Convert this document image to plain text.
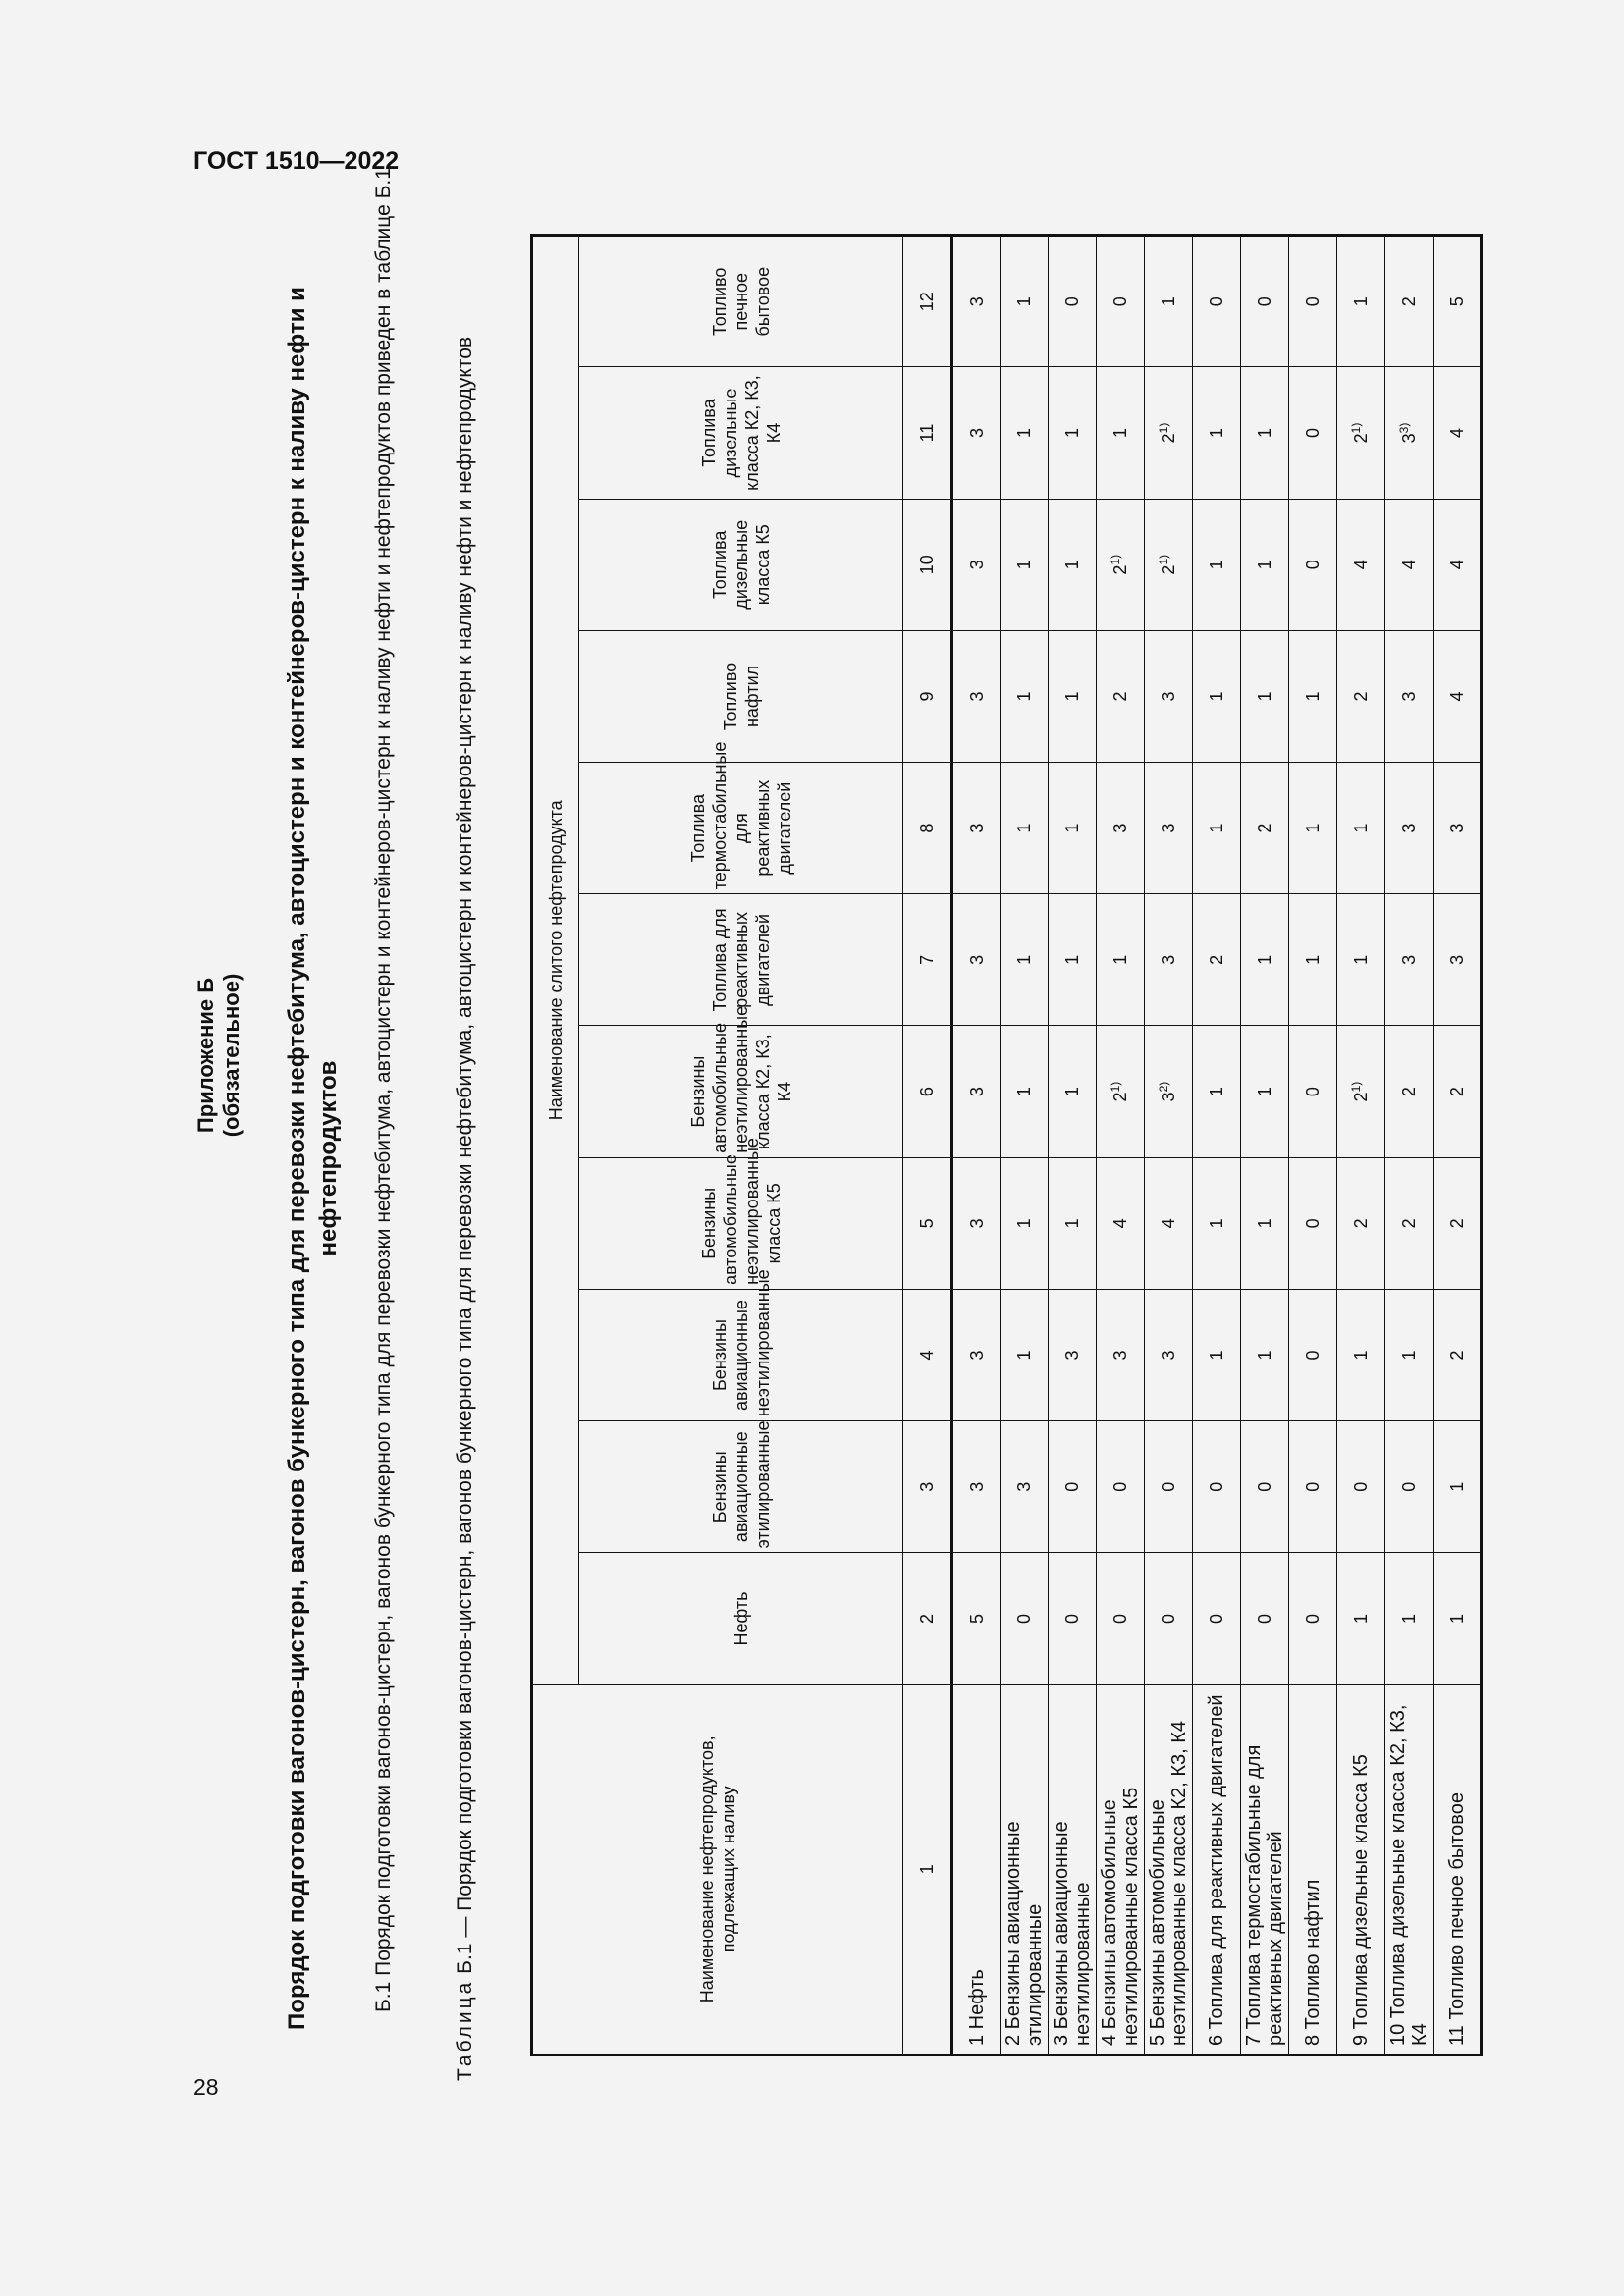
ГОСТ 1510—2022
28
Приложение Б (обязательное) Порядок подготовки вагонов-цистерн, вагонов бункерного типа для перевозки нефтебитума, автоцистерн и контейнеров-цистерн к наливу нефти и нефтепродуктов Б.1 Порядок подготовки вагонов-цистерн, вагонов бункерного типа для перевозки нефтебитума, автоцистерн и контейнеров-цистерн к наливу нефти и нефтепродуктов приведен в таблице Б.1.
Таблица Б.1 — Порядок подготовки вагонов-цистерн, вагонов бункерного типа для перевозки нефтебитума, автоцистерн и контейнеров-цистерн к наливу нефти и нефтепродуктов	Наименование нефтепродуктов, подлежащих наливу	Наименование слитого нефтепродукта										
	Нефть	Бензины авиационные этилированные	Бензины авиационные неэтилированные	Бензины автомобильные неэтилированные класса К5	Бензины автомобильные неэтилированные класса К2, К3, К4	Топлива для реактивных двигателей	Топлива термостабильные для реактивных двигателей	Топливо нафтил	Топлива дизельные класса К5	Топлива дизельные класса К2, К3, К4	Топливо печное бытовое
1	2	3	4	5	6	7	8	9	10	11	12
1 Нефть	5	3	3	3	3	3	3	3	3	3	3
2 Бензины авиационные этилированные	0	3	1	1	1	1	1	1	1	1	1
3 Бензины авиационные неэтилированные	0	0	3	1	1	1	1	1	1	1	0
4 Бензины автомобильные неэтилированные класса К5	0	0	3	4	2$^{1)}$	1	3	2	2$^{1)}$	1	0
5 Бензины автомобильные неэтилированные класса К2, К3, К4	0	0	3	4	3$^{2)}$	3	3	3	2$^{1)}$	2$^{1)}$	1
6 Топлива для реактивных двигателей	0	0	1	1	1	2	1	1	1	1	0
7 Топлива термостабильные для реактивных двигателей	0	0	1	1	1	1	2	1	1	1	0
8 Топливо нафтил	0	0	0	0	0	1	1	1	0	0	0
9 Топлива дизельные класса К5	1	0	1	2	2$^{1)}$	1	1	2	4	2$^{1)}$	1
10 Топлива дизельные класса К2, К3, К4	1	0	1	2	2	3	3	3	4	3$^{3)}$	2
11 Топливо печное бытовое	1	1	2	2	2	3	3	4	4	4	5
